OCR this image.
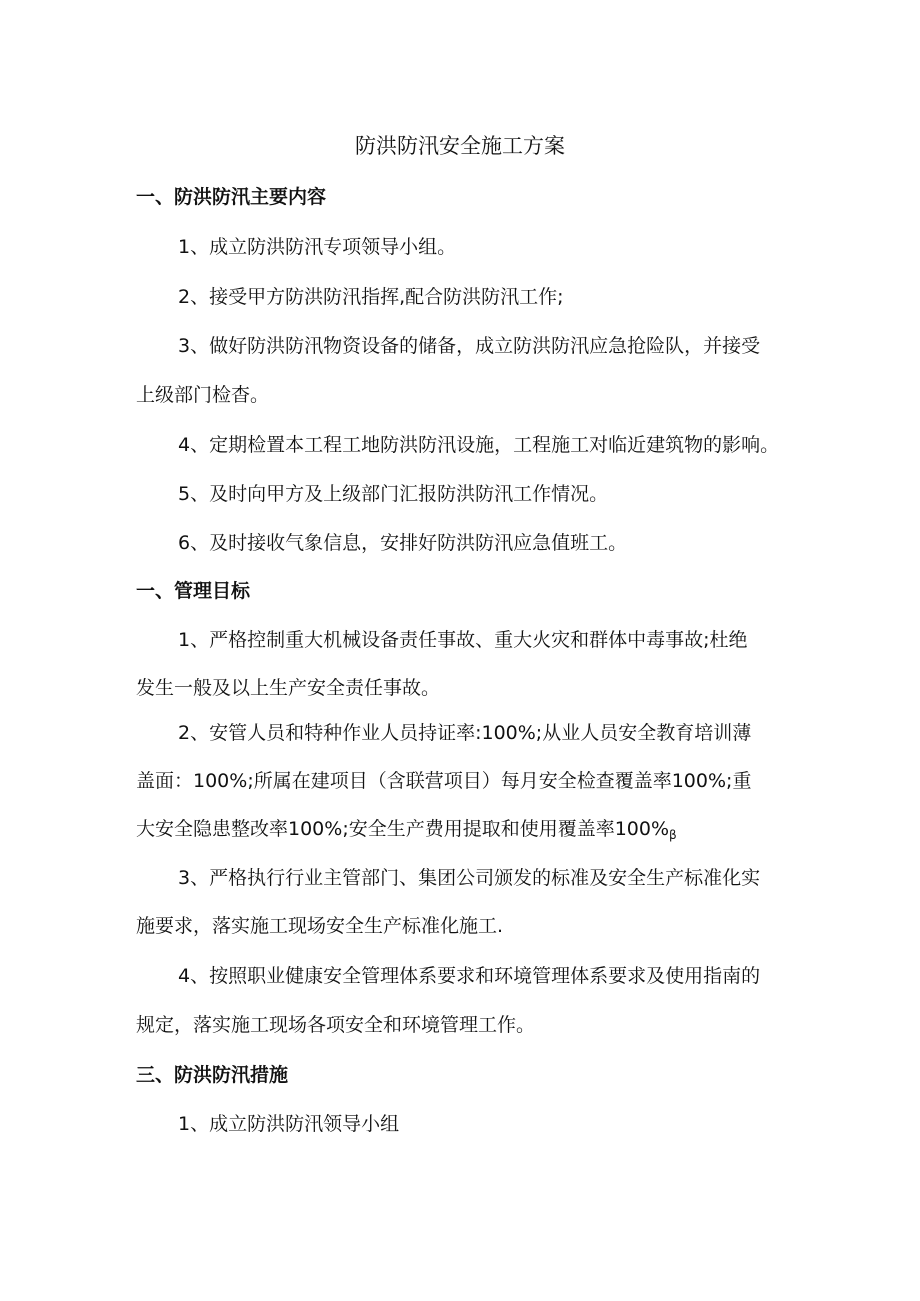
防洪防汛安全施工方案
一、防洪防汛主要内容
1、成立防洪防汛专项领导小组。
2、接受甲方防洪防汛指挥,配合防洪防汛工作;
3、做好防洪防汛物资设备的储备，成立防洪防汛应急抢险队，并接受
上级部门检杳。
4、定期检置本工程工地防洪防汛设施，工程施工对临近建筑物的影响。
5、及时向甲方及上级部门汇报防洪防汛工作情况。
6、及时接收气象信息，安排好防洪防汛应急值班工。
一、管理目标
1、严格控制重大机械设备责任事故、重大火灾和群体中毒事故;杜绝
发生一般及以上生产安全责任事故。
2、安管人员和特种作业人员持证率:100%;从业人员安全教育培训薄
盖面：100%;所属在建项目（含联营项目）每月安全检查覆盖率100%;重
大安全隐患整改率100%;安全生产费用提取和使用覆盖率$100\%_\beta$
3、严格执行行业主管部门、集团公司颁发的标准及安全生产标准化实
施要求，落实施工现场安全生产标准化施工.
4、按照职业健康安全管理体系要求和环境管理体系要求及使用指南的
规定，落实施工现场各项安全和环境管理工作。
三、防洪防汛措施
1、成立防洪防汛领导小组
